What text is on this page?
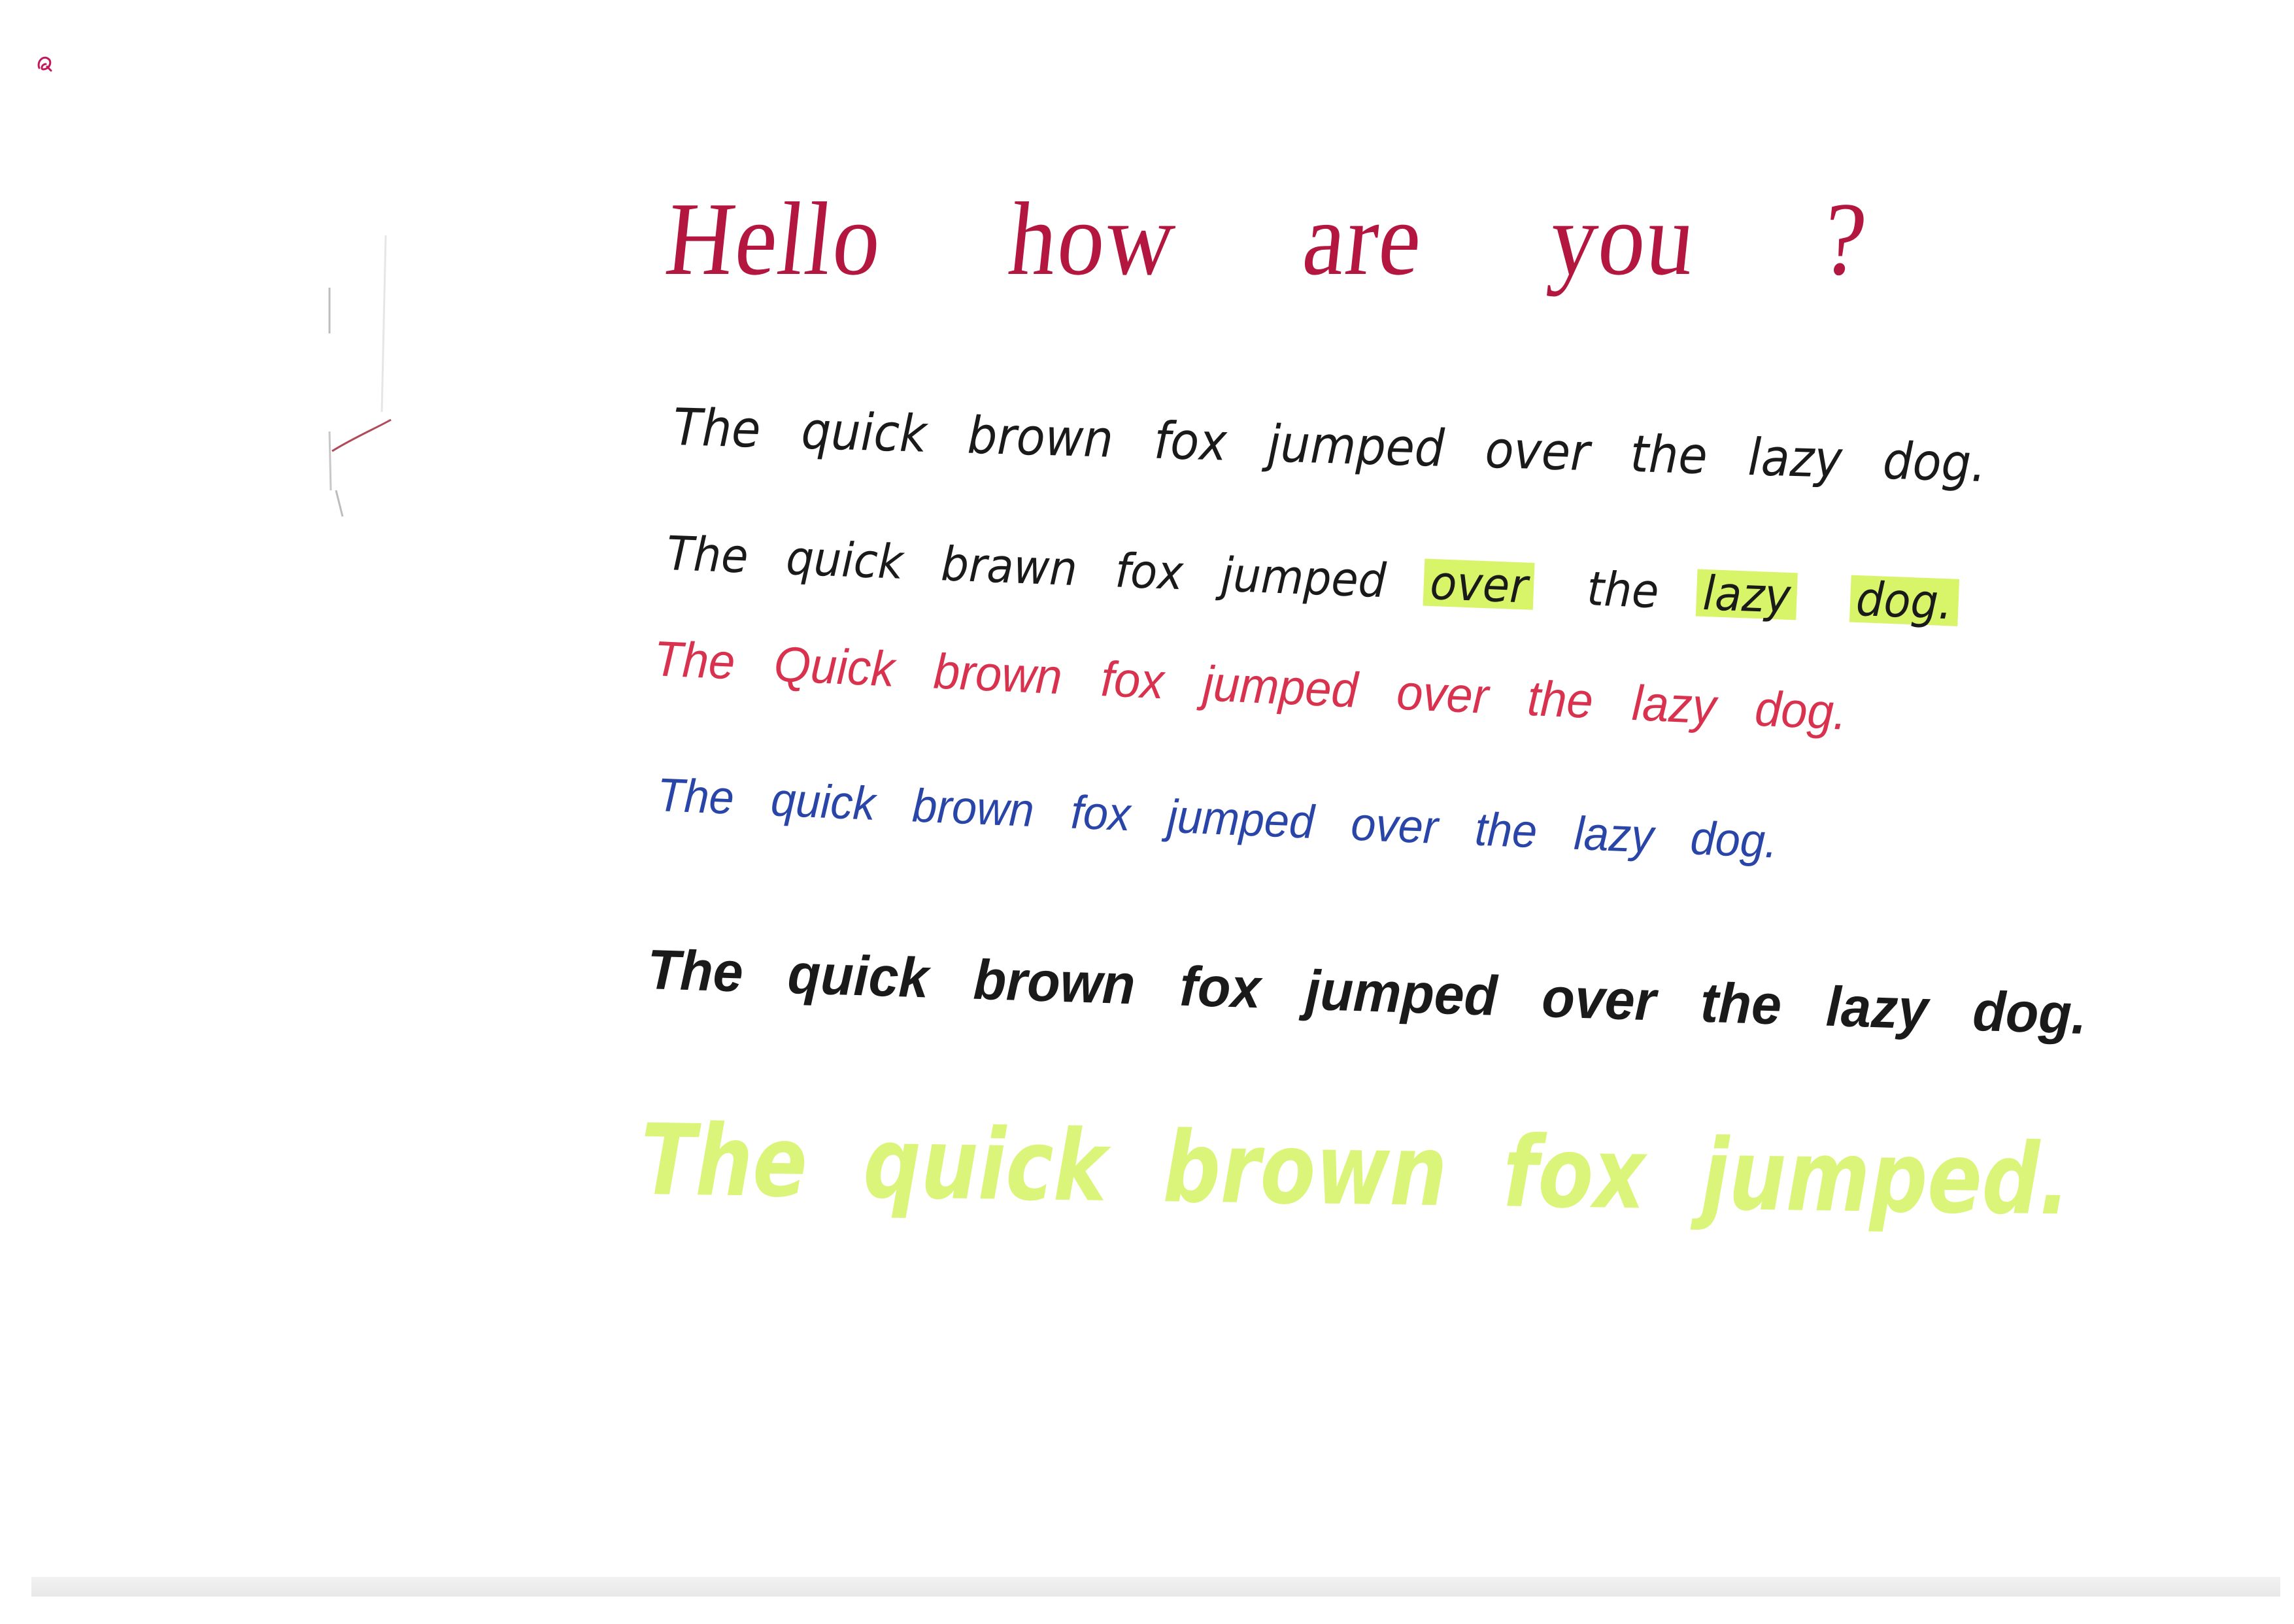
Hello how are you ?
The quick brown fox jumped over the lazy dog.
The quick brawn fox jumped over the lazy dog.
The Quick brown fox jumped over the lazy dog.
The quick brown fox jumped over the lazy dog.
The quick brown fox jumped over the lazy dog.
The quick brown fox jumped.
